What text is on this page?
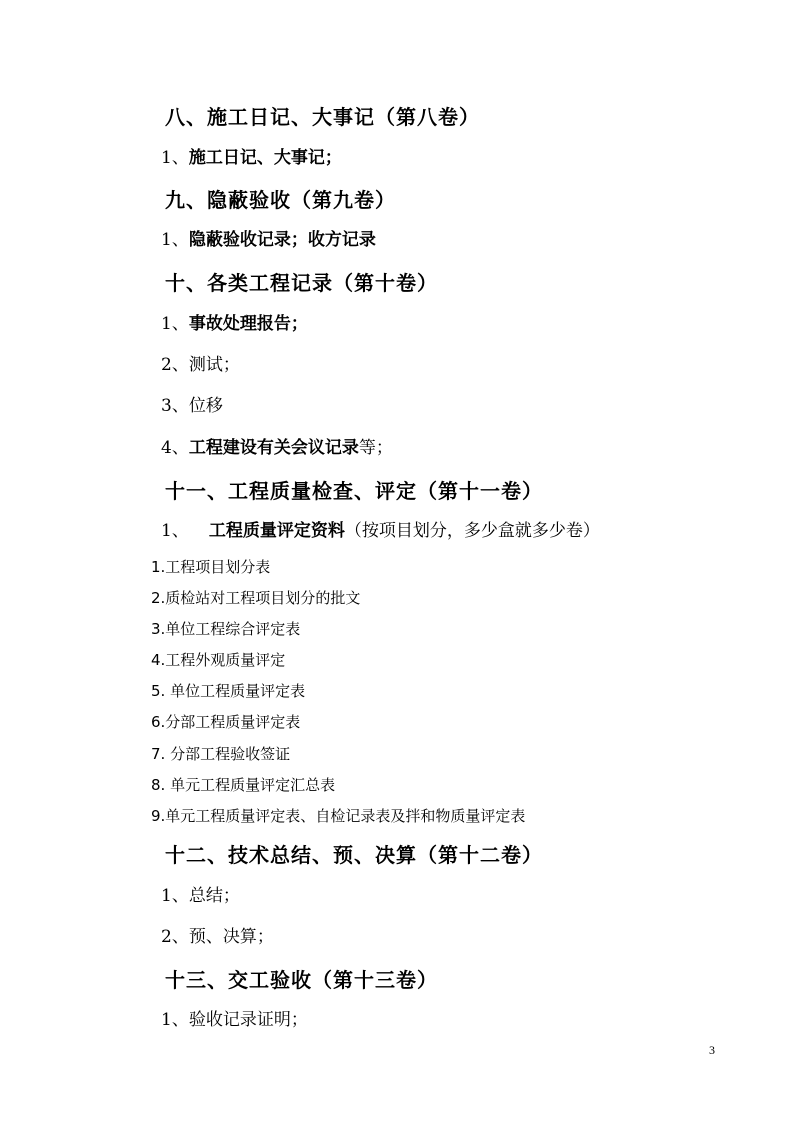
八、施工日记、大事记（第八卷）
1、施工日记、大事记；
九、隐蔽验收（第九卷）
1、隐蔽验收记录；收方记录
十、各类工程记录（第十卷）
1、事故处理报告；
2、测试；
3、位移
4、工程建设有关会议记录等；
十一、工程质量检查、评定（第十一卷）
1、 工程质量评定资料（按项目划分，多少盒就多少卷）
1.工程项目划分表
2.质检站对工程项目划分的批文
3.单位工程综合评定表
4.工程外观质量评定
5. 单位工程质量评定表
6.分部工程质量评定表
7. 分部工程验收签证
8. 单元工程质量评定汇总表
9.单元工程质量评定表、自检记录表及拌和物质量评定表
十二、技术总结、预、决算（第十二卷）
1、总结；
2、预、决算；
十三、交工验收（第十三卷）
1、验收记录证明；
3
